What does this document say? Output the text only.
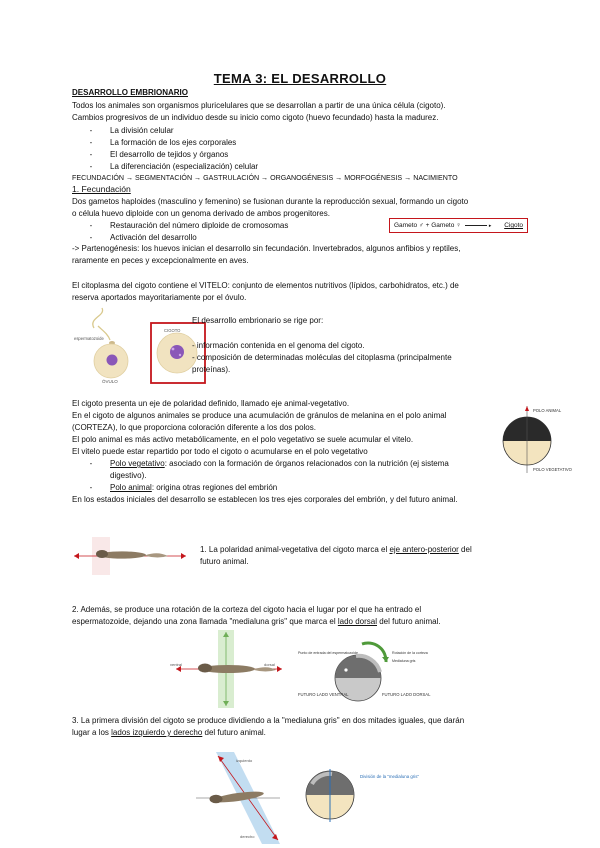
TEMA 3: EL DESARROLLO
DESARROLLO EMBRIONARIO
Todos los animales son organismos pluricelulares que se desarrollan a partir de una única célula (cigoto).
Cambios progresivos de un individuo desde su inicio como cigoto (huevo fecundado) hasta la madurez.
- La división celular
- La formación de los ejes corporales
- El desarrollo de tejidos y órganos
- La diferenciación (especialización) celular
FECUNDACIÓN → SEGMENTACIÓN → GASTRULACIÓN → ORGANOGÉNESIS → MORFOGÉNESIS → NACIMIENTO
1. Fecundación
Dos gametos haploides (masculino y femenino) se fusionan durante la reproducción sexual, formando un cigoto
o célula huevo diploide con un genoma derivado de ambos progenitores.
- Restauración del número diploide de cromosomas
- Activación del desarrollo
Gameto ♂ + Gameto ♀	▸ Cigoto
-> Partenogénesis: los huevos inician el desarrollo sin fecundación. Invertebrados, algunos anfibios y reptiles,
raramente en peces y excepcionalmente en aves.
El citoplasma del cigoto contiene el VITELO: conjunto de elementos nutritivos (lípidos, carbohidratos, etc.) de
reserva aportados mayoritariamente por el óvulo.
espermatozoide
ÓVULO
CIGOTO
El desarrollo embrionario se rige por:
- información contenida en el genoma del cigoto.
- composición de determinadas moléculas del citoplasma (principalmente
proteínas).
El cigoto presenta un eje de polaridad definido, llamado eje animal-vegetativo.
En el cigoto de algunos animales se produce una acumulación de gránulos de melanina en el polo animal
(CORTEZA), lo que proporciona coloración diferente a los dos polos.
El polo animal es más activo metabólicamente, en el polo vegetativo se suele acumular el vitelo.
El vitelo puede estar repartido por todo el cigoto o acumularse en el polo vegetativo
- Polo vegetativo: asociado con la formación de órganos relacionados con la nutrición (ej sistema
digestivo).
- Polo animal: origina otras regiones del embrión
En los estados iniciales del desarrollo se establecen los tres ejes corporales del embrión, y del futuro animal.
POLO ANIMAL
POLO VEGETATIVO
1. La polaridad animal-vegetativa del cigoto marca el eje antero-posterior del
futuro animal.
2. Además, se produce una rotación de la corteza del cigoto hacia el lugar por el que ha entrado el
espermatozoide, dejando una zona llamada "medialuna gris" que marca el lado dorsal del futuro animal.
ventral	dorsal
Punto de entrada del espermatozoide	Rotación de la corteza
Medialuna gris
FUTURO LADO VENTRAL	FUTURO LADO DORSAL
3. La primera división del cigoto se produce dividiendo a la "medialuna gris" en dos mitades iguales, que darán
lugar a los lados izquierdo y derecho del futuro animal.
izquierdo
derecho
División de la "medialuna gris"
